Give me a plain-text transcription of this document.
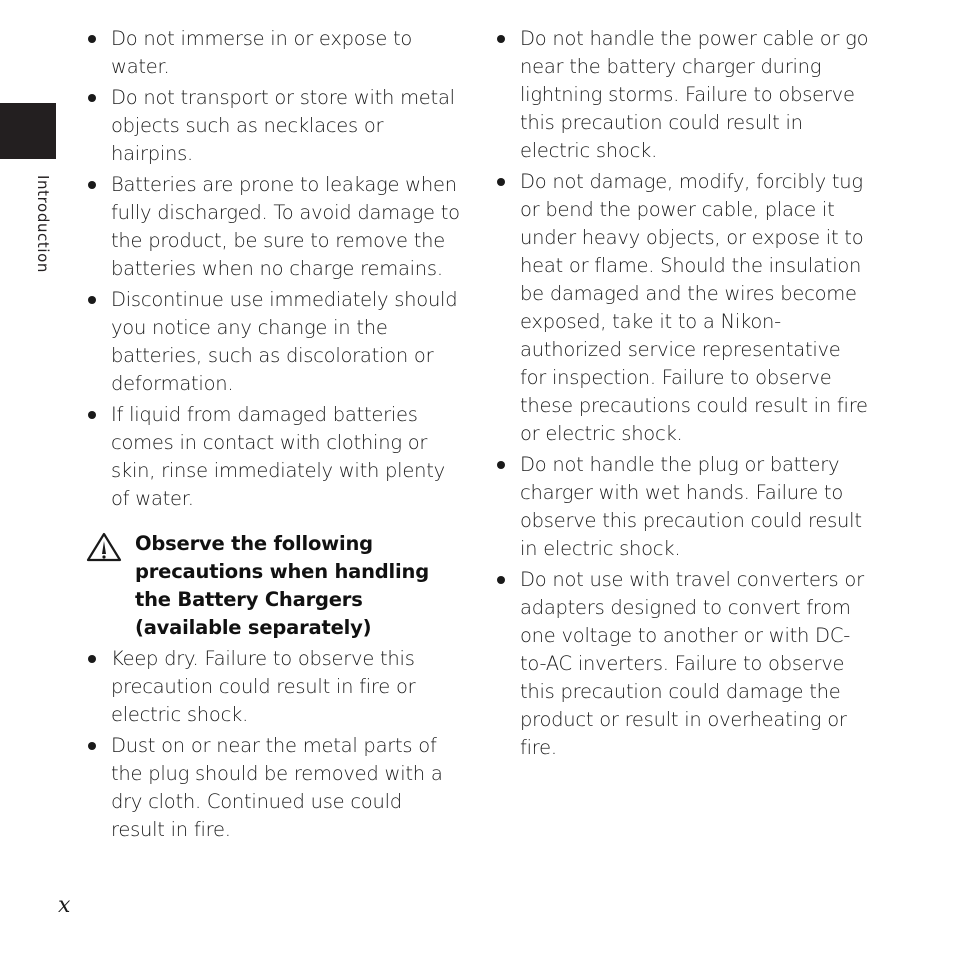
Introduction
Do not immerse in or expose to water.
Do not transport or store with metal objects such as necklaces or hairpins.
Batteries are prone to leakage when fully discharged. To avoid damage to the product, be sure to remove the batteries when no charge remains.
Discontinue use immediately should you notice any change in the batteries, such as discoloration or deformation.
If liquid from damaged batteries comes in contact with clothing or skin, rinse immediately with plenty of water.
Observe the following precautions when handling the Battery Chargers (available separately)
Keep dry. Failure to observe this precaution could result in fire or electric shock.
Dust on or near the metal parts of the plug should be removed with a dry cloth. Continued use could result in fire.
Do not handle the power cable or go near the battery charger during lightning storms. Failure to observe this precaution could result in electric shock.
Do not damage, modify, forcibly tug or bend the power cable, place it under heavy objects, or expose it to heat or flame. Should the insulation be damaged and the wires become exposed, take it to a Nikon-authorized service representative for inspection. Failure to observe these precautions could result in fire or electric shock.
Do not handle the plug or battery charger with wet hands. Failure to observe this precaution could result in electric shock.
Do not use with travel converters or adapters designed to convert from one voltage to another or with DC-to-AC inverters. Failure to observe this precaution could damage the product or result in overheating or fire.
x
